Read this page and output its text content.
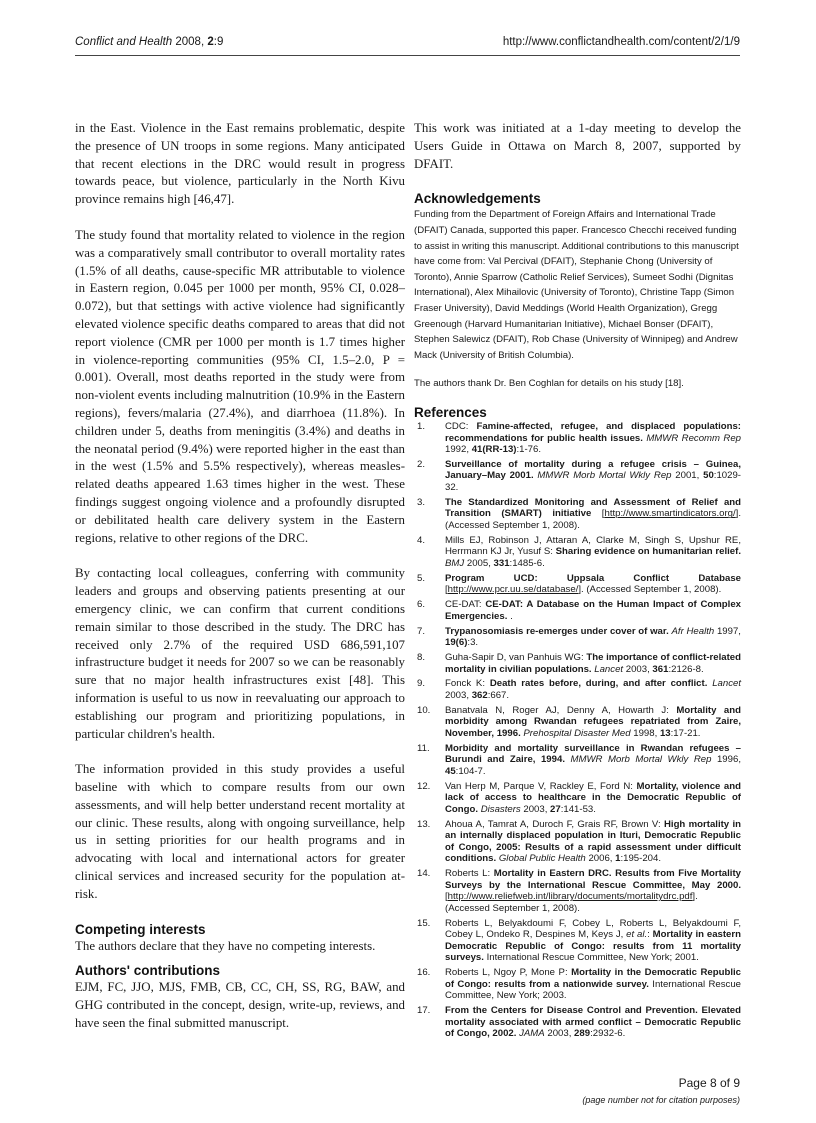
Conflict and Health 2008, 2:9	http://www.conflictandhealth.com/content/2/1/9

in the East. Violence in the East remains problematic, despite the presence of UN troops in some regions. Many anticipated that recent elections in the DRC would result in progress towards peace, but violence, particularly in the North Kivu province remains high [46,47].

The study found that mortality related to violence in the region was a comparatively small contributor to overall mortality rates (1.5% of all deaths, cause-specific MR attributable to violence in Eastern region, 0.045 per 1000 per month, 95% CI, 0.028–0.072), but that settings with active violence had significantly elevated violence specific deaths compared to areas that did not report violence (CMR per 1000 per month is 1.7 times higher in violence-reporting communities (95% CI, 1.5–2.0, P = 0.001). Overall, most deaths reported in the study were from non-violent events including malnutrition (10.9% in the Eastern regions), fevers/malaria (27.4%), and diarrhoea (11.8%). In children under 5, deaths from meningitis (3.4%) and deaths in the neonatal period (9.4%) were reported higher in the east than in the west (1.5% and 5.5% respectively), whereas measles-related deaths appeared 1.63 times higher in the west. These findings suggest ongoing violence and a profoundly disrupted or debilitated health care delivery system in the Eastern regions, relative to other regions of the DRC.

By contacting local colleagues, conferring with community leaders and groups and observing patients presenting at our emergency clinic, we can confirm that current conditions remain similar to those described in the study. The DRC has received only 2.7% of the required USD 686,591,107 infrastructure budget it needs for 2007 so we can be reasonably sure that no major health infrastructures exist [48]. This information is useful to us now in reevaluating our approach to establishing our program and prioritizing populations, in particular children's health.

The information provided in this study provides a useful baseline with which to compare results from our own assessments, and will help better understand recent mortality at our clinic. These results, along with ongoing surveillance, help us in setting priorities for our health programs and in advocating with local and international actors for greater clinical services and increased security for the population at-risk.

Competing interests

The authors declare that they have no competing interests.

Authors' contributions

EJM, FC, JJO, MJS, FMB, CB, CC, CH, SS, RG, BAW, and GHG contributed in the concept, design, write-up, reviews, and have seen the final submitted manuscript.

This work was initiated at a 1-day meeting to develop the Users Guide in Ottawa on March 8, 2007, supported by DFAIT.

Acknowledgements

Funding from the Department of Foreign Affairs and International Trade (DFAIT) Canada, supported this paper. Francesco Checchi received funding to assist in writing this manuscript. Additional contributions to this manuscript have come from: Val Percival (DFAIT), Stephanie Chong (University of Toronto), Annie Sparrow (Catholic Relief Services), Sumeet Sodhi (Dignitas International), Alex Mihailovic (University of Toronto), Christine Tapp (Simon Fraser University), David Meddings (World Health Organization), Gregg Greenough (Harvard Humanitarian Initiative), Michael Bonser (DFAIT), Stephen Salewicz (DFAIT), Rob Chase (University of Winnipeg) and Andrew Mack (University of British Columbia).

The authors thank Dr. Ben Coghlan for details on his study [18].

References
1. CDC: Famine-affected, refugee, and displaced populations: recommendations for public health issues. MMWR Recomm Rep 1992, 41(RR-13):1-76.
2. Surveillance of mortality during a refugee crisis – Guinea, January–May 2001. MMWR Morb Mortal Wkly Rep 2001, 50:1029-32.
3. The Standardized Monitoring and Assessment of Relief and Transition (SMART) initiative [http://www.smartindicators.org/]. (Accessed September 1, 2008).
4. Mills EJ, Robinson J, Attaran A, Clarke M, Singh S, Upshur RE, Herrmann KJ Jr, Yusuf S: Sharing evidence on humanitarian relief. BMJ 2005, 331:1485-6.
5. Program UCD: Uppsala Conflict Database [http://www.pcr.uu.se/database/]. (Accessed September 1, 2008).
6. CE-DAT: CE-DAT: A Database on the Human Impact of Complex Emergencies. .
7. Trypanosomiasis re-emerges under cover of war. Afr Health 1997, 19(6):3.
8. Guha-Sapir D, van Panhuis WG: The importance of conflict-related mortality in civilian populations. Lancet 2003, 361:2126-8.
9. Fonck K: Death rates before, during, and after conflict. Lancet 2003, 362:667.
10. Banatvala N, Roger AJ, Denny A, Howarth J: Mortality and morbidity among Rwandan refugees repatriated from Zaire, November, 1996. Prehospital Disaster Med 1998, 13:17-21.
11. Morbidity and mortality surveillance in Rwandan refugees – Burundi and Zaire, 1994. MMWR Morb Mortal Wkly Rep 1996, 45:104-7.
12. Van Herp M, Parque V, Rackley E, Ford N: Mortality, violence and lack of access to healthcare in the Democratic Republic of Congo. Disasters 2003, 27:141-53.
13. Ahoua A, Tamrat A, Duroch F, Grais RF, Brown V: High mortality in an internally displaced population in Ituri, Democratic Republic of Congo, 2005: Results of a rapid assessment under difficult conditions. Global Public Health 2006, 1:195-204.
14. Roberts L: Mortality in Eastern DRC. Results from Five Mortality Surveys by the International Rescue Committee, May 2000. [http://www.reliefweb.int/library/documents/mortalitydrc.pdf]. (Accessed September 1, 2008).
15. Roberts L, Belyakdoumi F, Cobey L, Roberts L, Belyakdoumi F, Cobey L, Ondeko R, Despines M, Keys J, et al.: Mortality in eastern Democratic Republic of Congo: results from 11 mortality surveys. International Rescue Committee, New York; 2001.
16. Roberts L, Ngoy P, Mone P: Mortality in the Democratic Republic of Congo: results from a nationwide survey. International Rescue Committee, New York; 2003.
17. From the Centers for Disease Control and Prevention. Elevated mortality associated with armed conflict – Democratic Republic of Congo, 2002. JAMA 2003, 289:2932-6.
Page 8 of 9
(page number not for citation purposes)
